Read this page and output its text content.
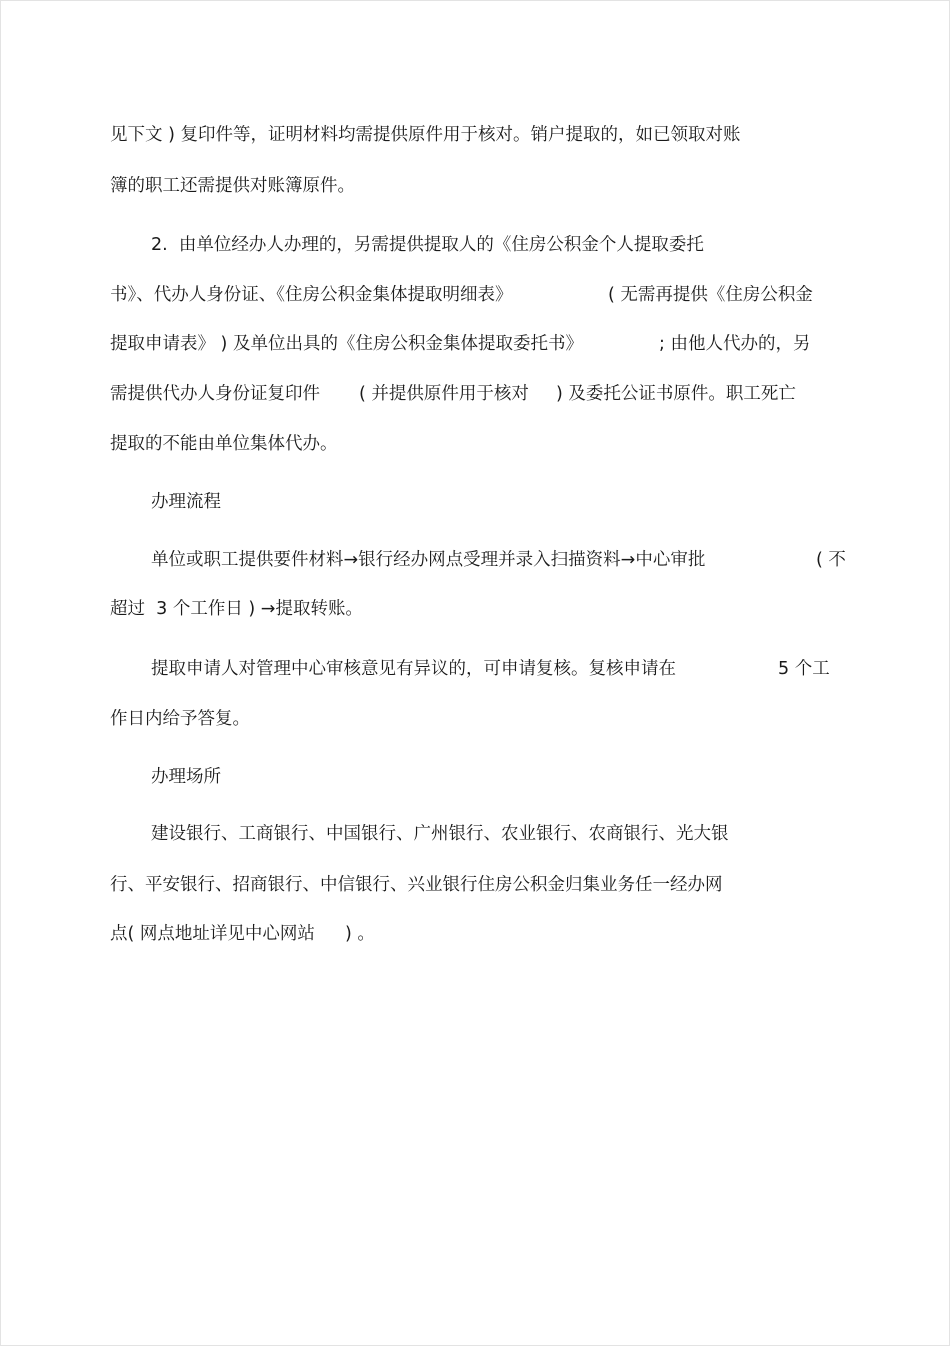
见下文 ) 复印件等，证明材料均需提供原件用于核对。销户提取的，如已领取对账
簿的职工还需提供对账簿原件。
2.  由单位经办人办理的，另需提供提取人的《住房公积金个人提取委托
书》、代办人身份证、《住房公积金集体提取明细表》	( 无需再提供《住房公积金
提取申请表》 ) 及单位出具的《住房公积金集体提取委托书》	; 由他人代办的，另
需提供代办人身份证复印件 ( 并提供原件用于核对 ) 及委托公证书原件。职工死亡
提取的不能由单位集体代办。
办理流程
单位或职工提供要件材料→银行经办网点受理并录入扫描资料→中心审批	( 不
超过  3 个工作日 ) →提取转账。
提取申请人对管理中心审核意见有异议的，可申请复核。复核申请在	5 个工
作日内给予答复。
办理场所
建设银行、工商银行、中国银行、广州银行、农业银行、农商银行、光大银
行、平安银行、招商银行、中信银行、兴业银行住房公积金归集业务任一经办网
点( 网点地址详见中心网站 ) 。
